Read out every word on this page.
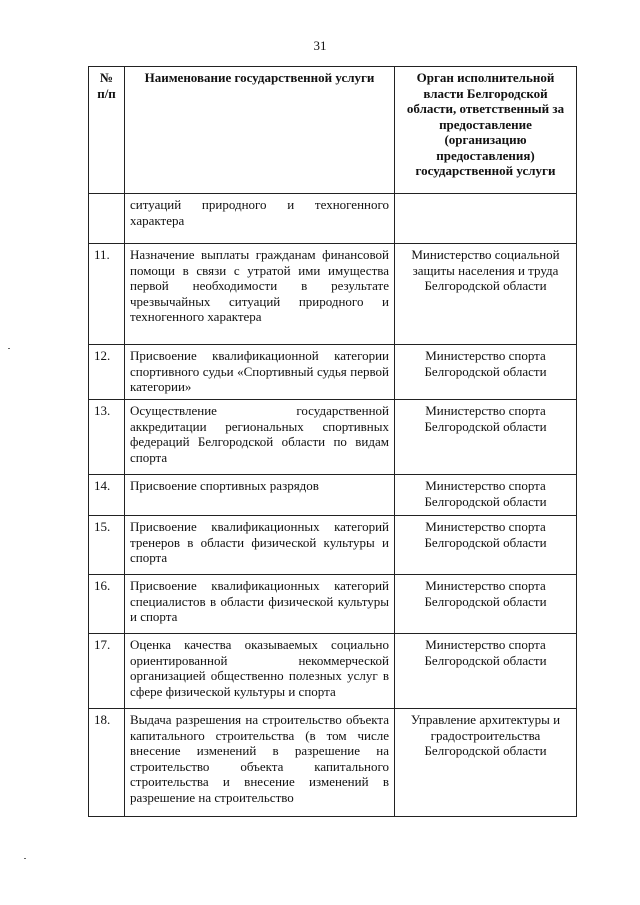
31
№ п/п	Наименование государственной услуги	Орган исполнительной власти Белгородской области, ответственный за предоставление (организацию предоставления) государственной услуги
	ситуаций природного и техногенного характера	
11.	Назначение выплаты гражданам финансовой помощи в связи с утратой ими имущества первой необходимости в результате чрезвычайных ситуаций природного и техногенного характера	Министерство социальной защиты населения и труда Белгородской области
12.	Присвоение квалификационной категории спортивного судьи «Спортивный судья первой категории»	Министерство спорта Белгородской области
13.	Осуществление государственной аккредитации региональных спортивных федераций Белгородской области по видам спорта	Министерство спорта Белгородской области
14.	Присвоение спортивных разрядов	Министерство спорта Белгородской области
15.	Присвоение квалификационных категорий тренеров в области физической культуры и спорта	Министерство спорта Белгородской области
16.	Присвоение квалификационных категорий специалистов в области физической культуры и спорта	Министерство спорта Белгородской области
17.	Оценка качества оказываемых социально ориентированной некоммерческой организацией общественно полезных услуг в сфере физической культуры и спорта	Министерство спорта Белгородской области
18.	Выдача разрешения на строительство объекта капитального строительства (в том числе внесение изменений в разрешение на строительство объекта капитального строительства и внесение изменений в разрешение на строительство	Управление архитектуры и градостроительства Белгородской области
